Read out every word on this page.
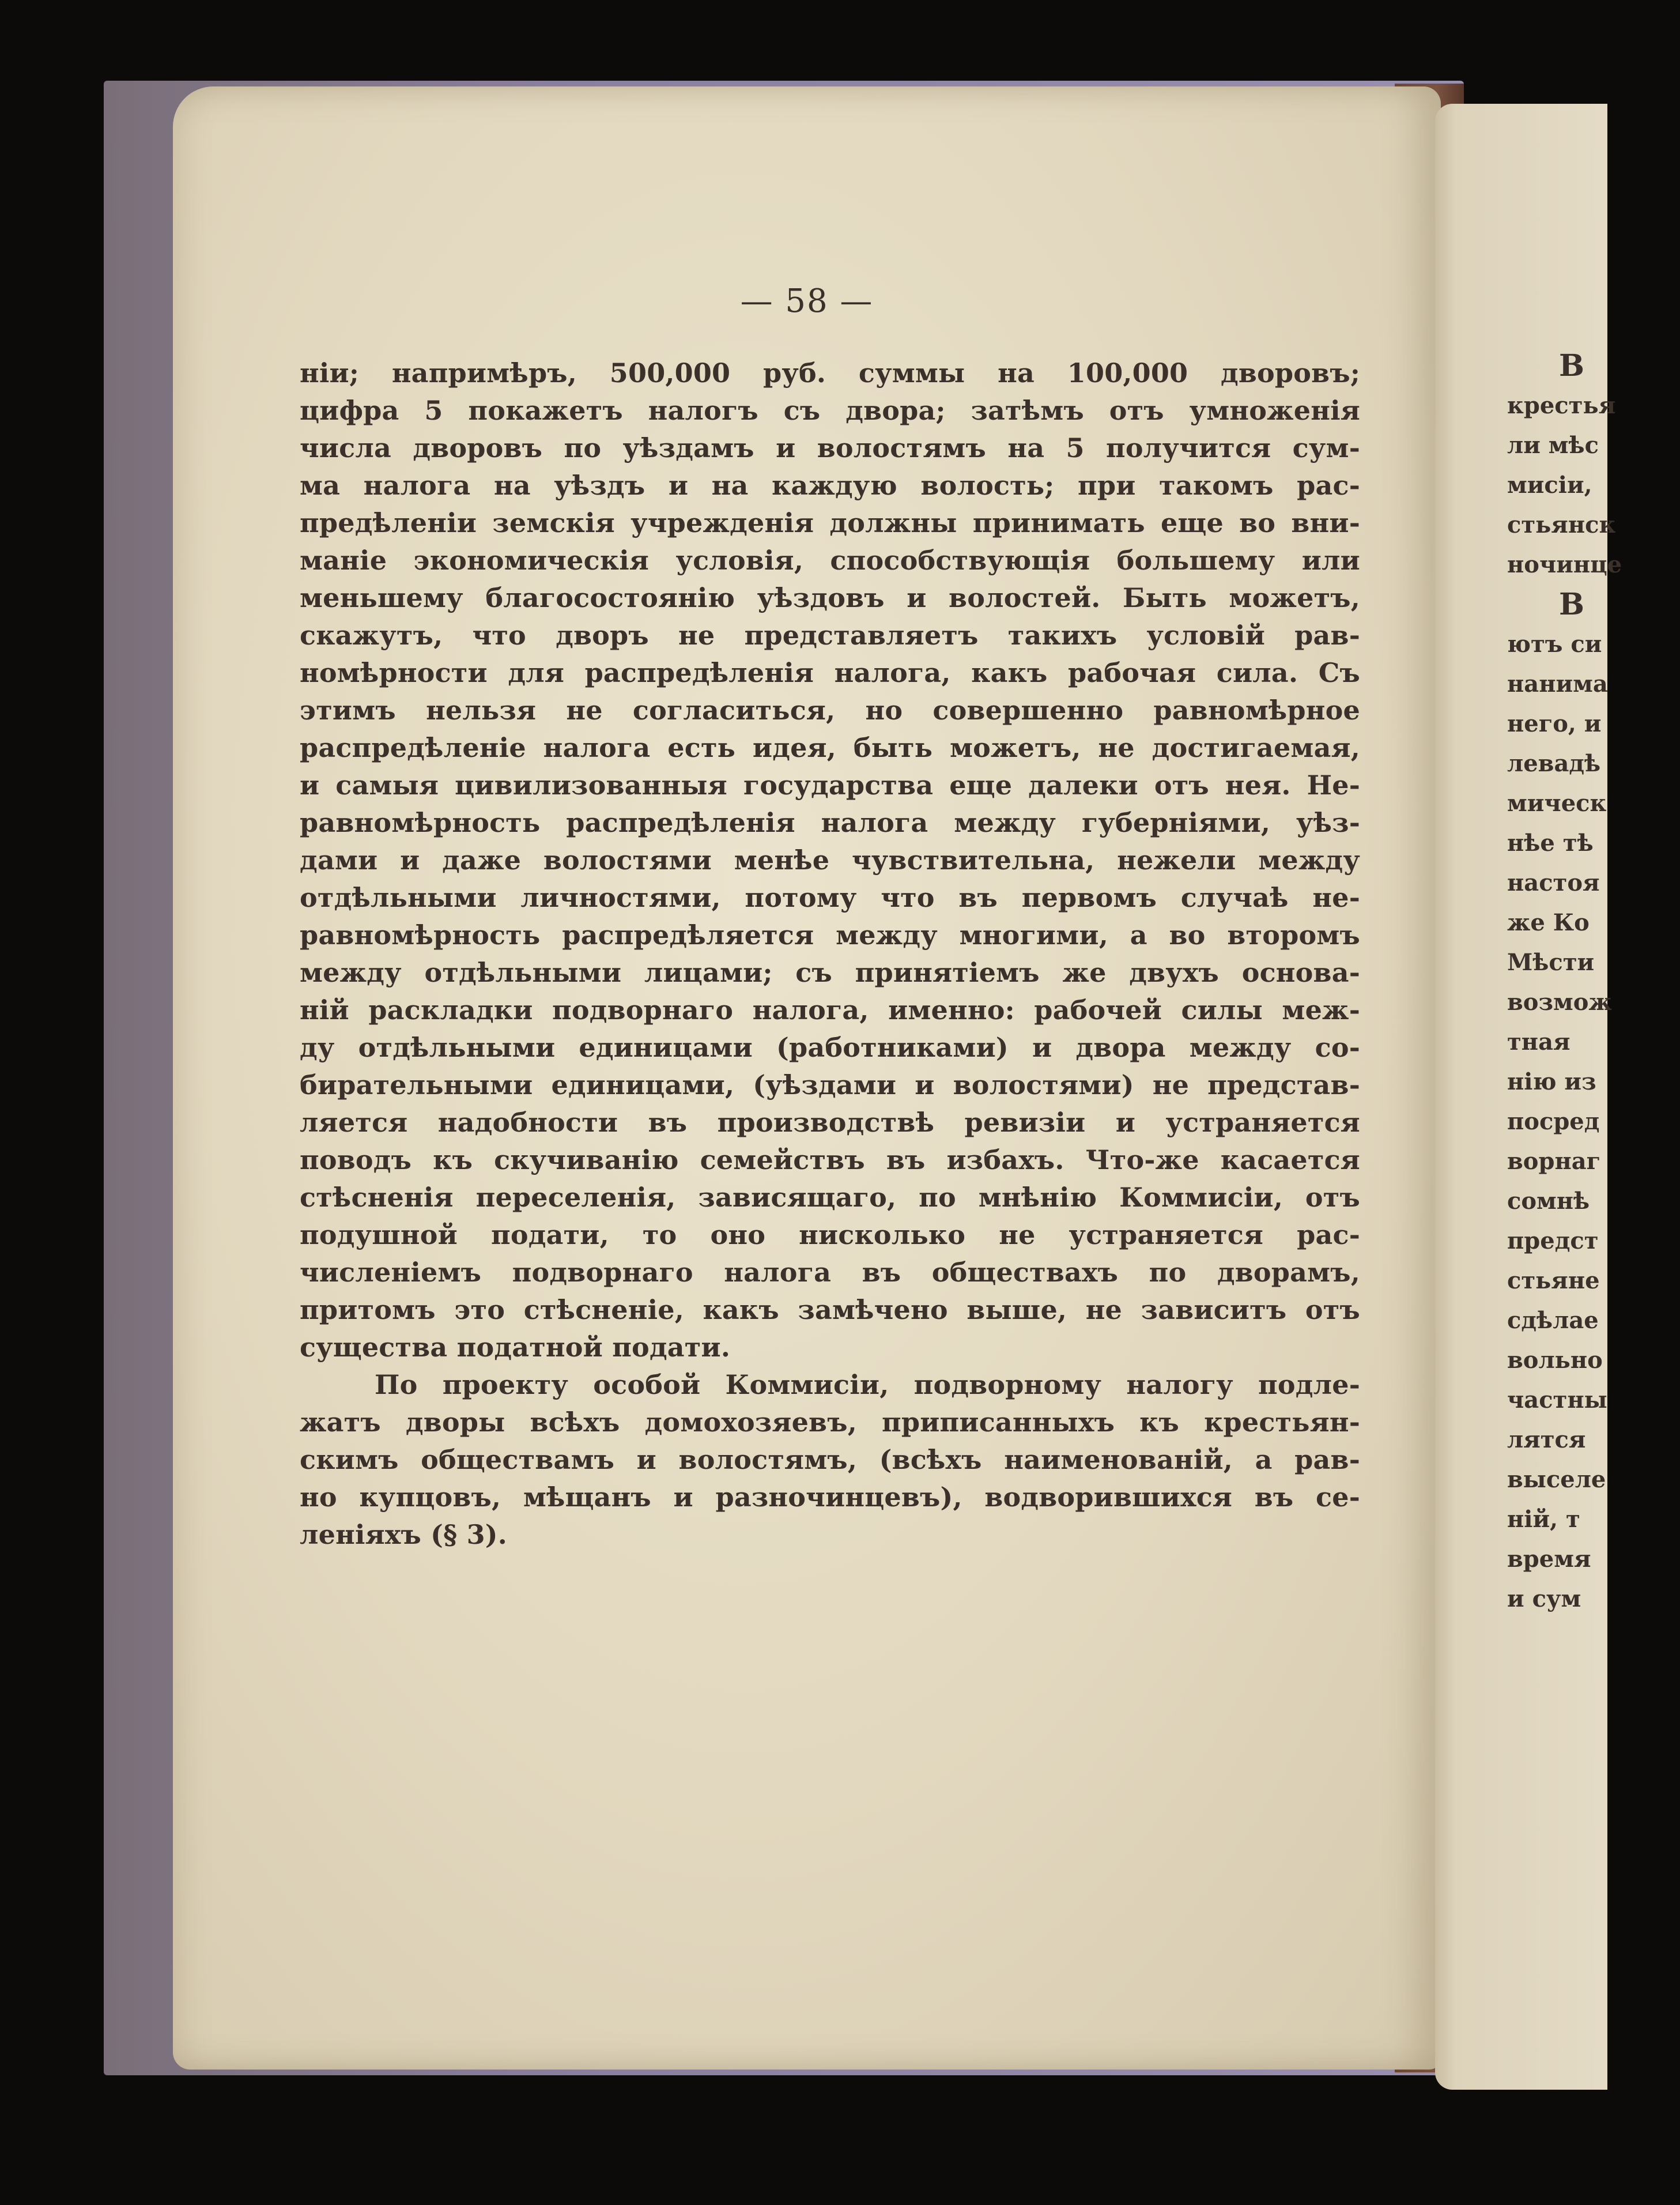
— 58 —
ніи; напримѣръ, 500,000 руб. суммы на 100,000 дворовъ;
цифра 5 покажетъ налогъ съ двора; затѣмъ отъ умноженія
числа дворовъ по уѣздамъ и волостямъ на 5 получится сум-
ма налога на уѣздъ и на каждую волость; при такомъ рас-
предѣленіи земскія учрежденія должны принимать еще во вни-
маніе экономическія условія, способствующія большему или
меньшему благосостоянію уѣздовъ и волостей. Быть можетъ,
скажутъ, что дворъ не представляетъ такихъ условій рав-
номѣрности для распредѣленія налога, какъ рабочая сила. Съ
этимъ нельзя не согласиться, но совершенно равномѣрное
распредѣленіе налога есть идея, быть можетъ, не достигаемая,
и самыя цивилизованныя государства еще далеки отъ нея. Не-
равномѣрность распредѣленія налога между губерніями, уѣз-
дами и даже волостями менѣе чувствительна, нежели между
отдѣльными личностями, потому что въ первомъ случаѣ не-
равномѣрность распредѣляется между многими, а во второмъ
между отдѣльными лицами; съ принятіемъ же двухъ основа-
ній раскладки подворнаго налога, именно: рабочей силы меж-
ду отдѣльными единицами (работниками) и двора между со-
бирательными единицами, (уѣздами и волостями) не представ-
ляется надобности въ производствѣ ревизіи и устраняется
поводъ къ скучиванію семействъ въ избахъ. Что-же касается
стѣсненія переселенія, зависящаго, по мнѣнію Коммисіи, отъ
подушной подати, то оно нисколько не устраняется рас-
численіемъ подворнаго налога въ обществахъ по дворамъ,
притомъ это стѣсненіе, какъ замѣчено выше, не зависитъ отъ
существа податной подати.
По проекту особой Коммисіи, подворному налогу подле-
жатъ дворы всѣхъ домохозяевъ, приписанныхъ къ крестьян-
скимъ обществамъ и волостямъ, (всѣхъ наименованій, а рав-
но купцовъ, мѣщанъ и разночинцевъ), водворившихся въ се-
леніяхъ (§ 3).
В
крестья
ли мѣс
мисіи,
стьянск
ночинце
В
ютъ си
нанима
него, и
левадѣ
мическ
нѣе тѣ
настоя
же Ко
Мѣсти
возмож
тная
нію из
посред
ворнаг
сомнѣ
предст
стьяне
сдѣлае
вольно
частны
лятся
выселе
ній, т
время
и сум
